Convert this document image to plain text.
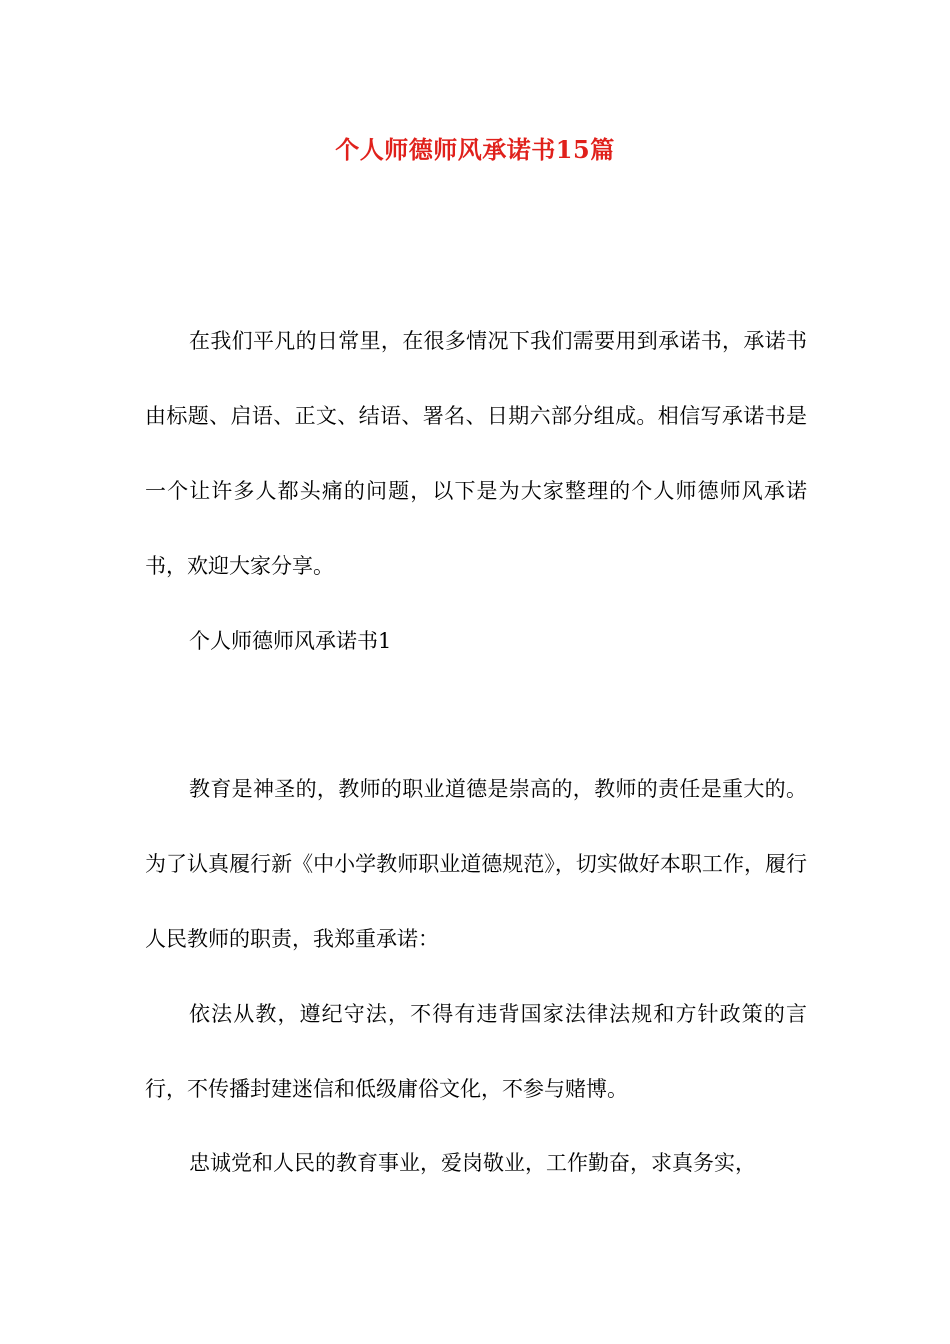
个人师德师风承诺书15篇

在我们平凡的日常里，在很多情况下我们需要用到承诺书，承诺书由标题、启语、正文、结语、署名、日期六部分组成。相信写承诺书是一个让许多人都头痛的问题，以下是为大家整理的个人师德师风承诺书，欢迎大家分享。

个人师德师风承诺书1

教育是神圣的，教师的职业道德是崇高的，教师的责任是重大的。为了认真履行新《中小学教师职业道德规范》，切实做好本职工作，履行人民教师的职责，我郑重承诺：

依法从教，遵纪守法，不得有违背国家法律法规和方针政策的言行，不传播封建迷信和低级庸俗文化，不参与赌博。

忠诚党和人民的教育事业，爱岗敬业，工作勤奋，求真务实，
